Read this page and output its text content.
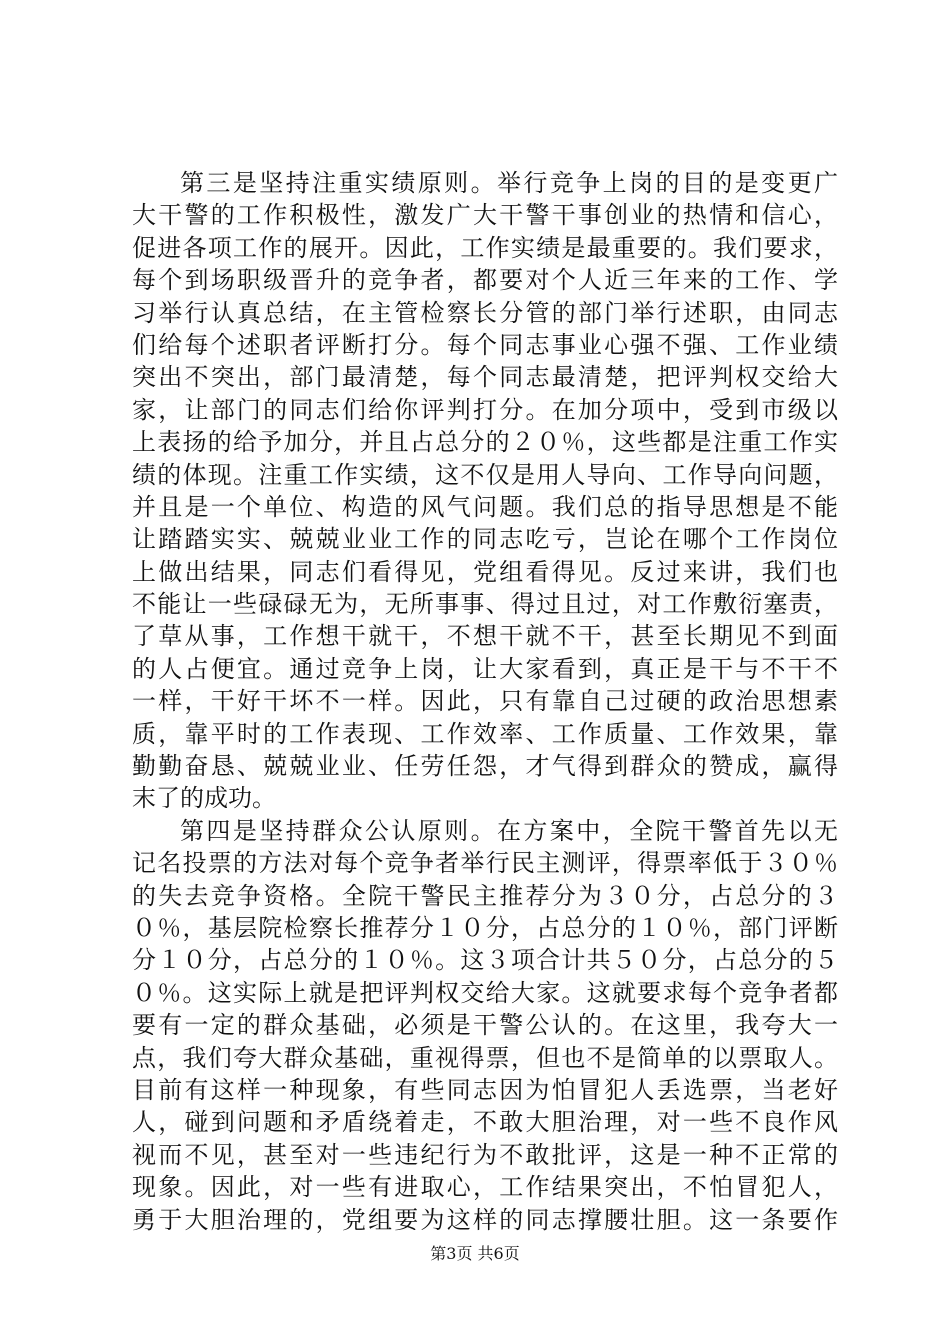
第三是坚持注重实绩原则。举行竞争上岗的目的是变更广
大干警的工作积极性，激发广大干警干事创业的热情和信心，
促进各项工作的展开。因此，工作实绩是最重要的。我们要求，
每个到场职级晋升的竞争者，都要对个人近三年来的工作、学
习举行认真总结，在主管检察长分管的部门举行述职，由同志
们给每个述职者评断打分。每个同志事业心强不强、工作业绩
突出不突出，部门最清楚，每个同志最清楚，把评判权交给大
家，让部门的同志们给你评判打分。在加分项中，受到市级以
上表扬的给予加分，并且占总分的２０％，这些都是注重工作实
绩的体现。注重工作实绩，这不仅是用人导向、工作导向问题，
并且是一个单位、构造的风气问题。我们总的指导思想是不能
让踏踏实实、兢兢业业工作的同志吃亏，岂论在哪个工作岗位
上做出结果，同志们看得见，党组看得见。反过来讲，我们也
不能让一些碌碌无为，无所事事、得过且过，对工作敷衍塞责，
了草从事，工作想干就干，不想干就不干，甚至长期见不到面
的人占便宜。通过竞争上岗，让大家看到，真正是干与不干不
一样，干好干坏不一样。因此，只有靠自己过硬的政治思想素
质，靠平时的工作表现、工作效率、工作质量、工作效果，靠
勤勤奋恳、兢兢业业、任劳任怨，才气得到群众的赞成，赢得
末了的成功。
第四是坚持群众公认原则。在方案中，全院干警首先以无
记名投票的方法对每个竞争者举行民主测评，得票率低于３０％
的失去竞争资格。全院干警民主推荐分为３０分，占总分的３
０％，基层院检察长推荐分１０分，占总分的１０％，部门评断
分１０分，占总分的１０％。这３项合计共５０分，占总分的５
０％。这实际上就是把评判权交给大家。这就要求每个竞争者都
要有一定的群众基础，必须是干警公认的。在这里，我夸大一
点，我们夸大群众基础，重视得票，但也不是简单的以票取人。
目前有这样一种现象，有些同志因为怕冒犯人丢选票，当老好
人，碰到问题和矛盾绕着走，不敢大胆治理，对一些不良作风
视而不见，甚至对一些违纪行为不敢批评，这是一种不正常的
现象。因此，对一些有进取心，工作结果突出，不怕冒犯人，
勇于大胆治理的，党组要为这样的同志撑腰壮胆。这一条要作
第3页 共6页
